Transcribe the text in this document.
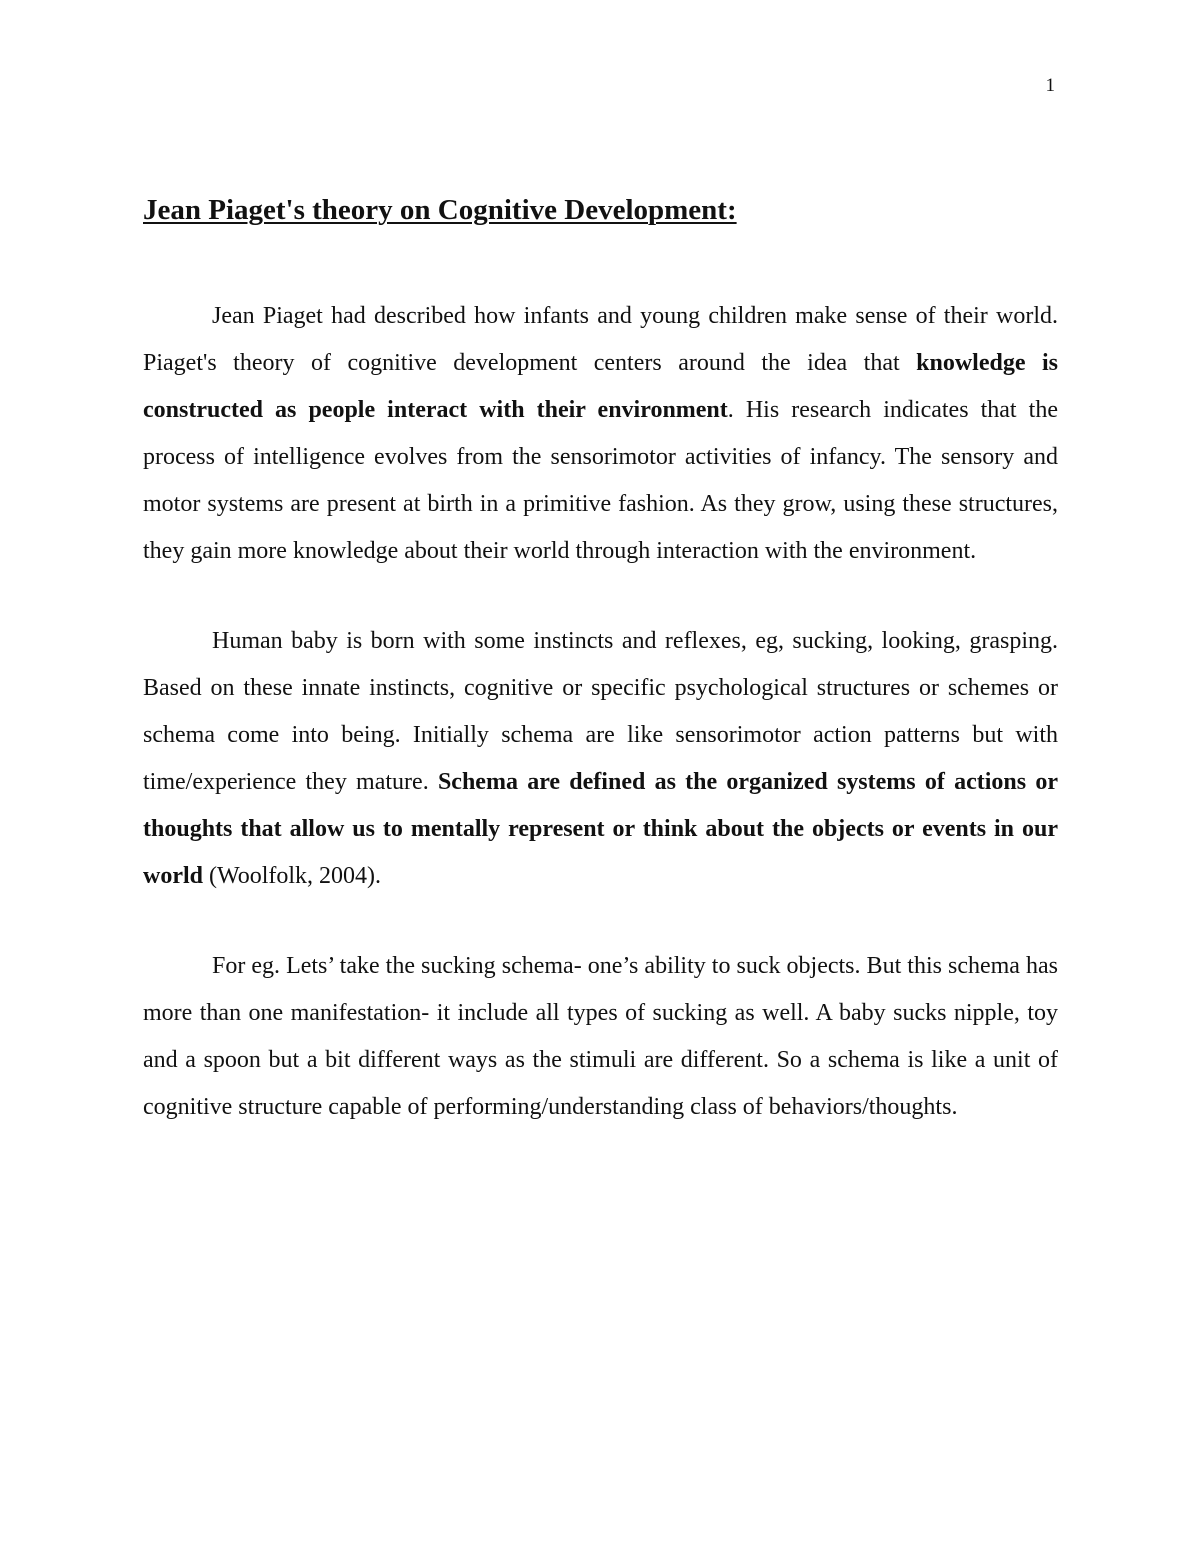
1
Jean Piaget's theory on Cognitive Development:

Jean Piaget had described how infants and young children make sense of their world. Piaget's theory of cognitive development centers around the idea that knowledge is constructed as people interact with their environment. His research indicates that the process of intelligence evolves from the sensorimotor activities of infancy. The sensory and motor systems are present at birth in a primitive fashion. As they grow, using these structures, they gain more knowledge about their world through interaction with the environment.

Human baby is born with some instincts and reflexes, eg, sucking, looking, grasping. Based on these innate instincts, cognitive or specific psychological structures or schemes or schema come into being. Initially schema are like sensorimotor action patterns but with time/experience they mature. Schema are defined as the organized systems of actions or thoughts that allow us to mentally represent or think about the objects or events in our world (Woolfolk, 2004).

For eg. Lets’ take the sucking schema- one’s ability to suck objects. But this schema has more than one manifestation- it include all types of sucking as well. A baby sucks nipple, toy and a spoon but a bit different ways as the stimuli are different. So a schema is like a unit of cognitive structure capable of performing/understanding class of behaviors/thoughts.
